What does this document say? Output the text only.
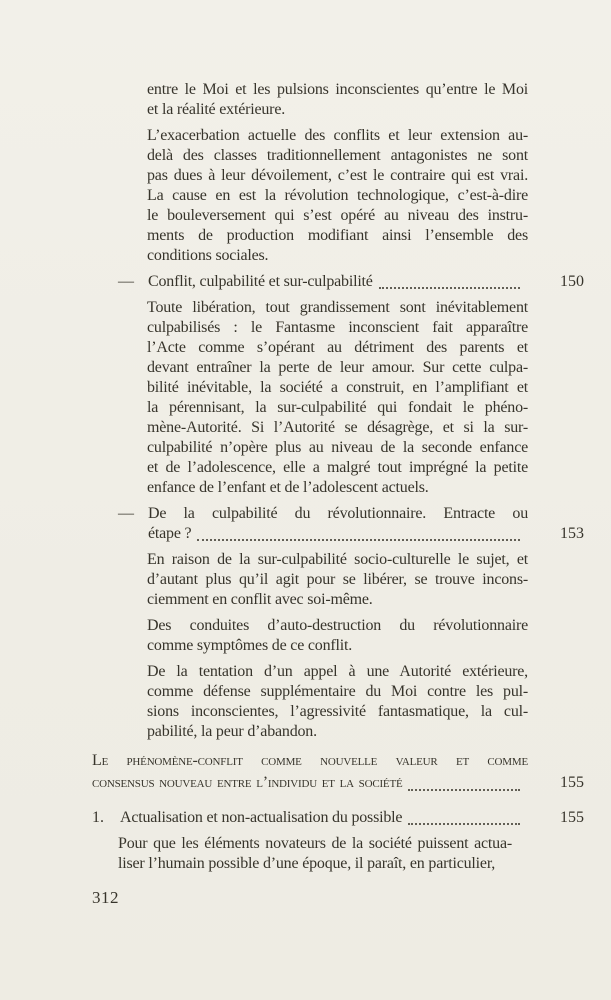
entre le Moi et les pulsions inconscientes qu’entre le Moi
et la réalité extérieure.
L’exacerbation actuelle des conflits et leur extension au-
delà des classes traditionnellement antagonistes ne sont
pas dues à leur dévoilement, c’est le contraire qui est vrai.
La cause en est la révolution technologique, c’est-à-dire
le bouleversement qui s’est opéré au niveau des instru-
ments de production modifiant ainsi l’ensemble des
conditions sociales.
— Conflit, culpabilité et sur-culpabilité	150
Toute libération, tout grandissement sont inévitablement
culpabilisés : le Fantasme inconscient fait apparaître
l’Acte comme s’opérant au détriment des parents et
devant entraîner la perte de leur amour. Sur cette culpa-
bilité inévitable, la société a construit, en l’amplifiant et
la pérennisant, la sur-culpabilité qui fondait le phéno-
mène-Autorité. Si l’Autorité se désagrège, et si la sur-
culpabilité n’opère plus au niveau de la seconde enfance
et de l’adolescence, elle a malgré tout imprégné la petite
enfance de l’enfant et de l’adolescent actuels.
— De la culpabilité du révolutionnaire. Entracte ou
étape ?	153
En raison de la sur-culpabilité socio-culturelle le sujet, et
d’autant plus qu’il agit pour se libérer, se trouve incons-
ciemment en conflit avec soi-même.
Des conduites d’auto-destruction du révolutionnaire
comme symptômes de ce conflit.
De la tentation d’un appel à une Autorité extérieure,
comme défense supplémentaire du Moi contre les pul-
sions inconscientes, l’agressivité fantasmatique, la cul-
pabilité, la peur d’abandon.
Le phénomène-conflit comme nouvelle valeur et comme
consensus nouveau entre l’individu et la société	155
1. Actualisation et non-actualisation du possible	155
Pour que les éléments novateurs de la société puissent actua-
liser l’humain possible d’une époque, il paraît, en particulier,
312
